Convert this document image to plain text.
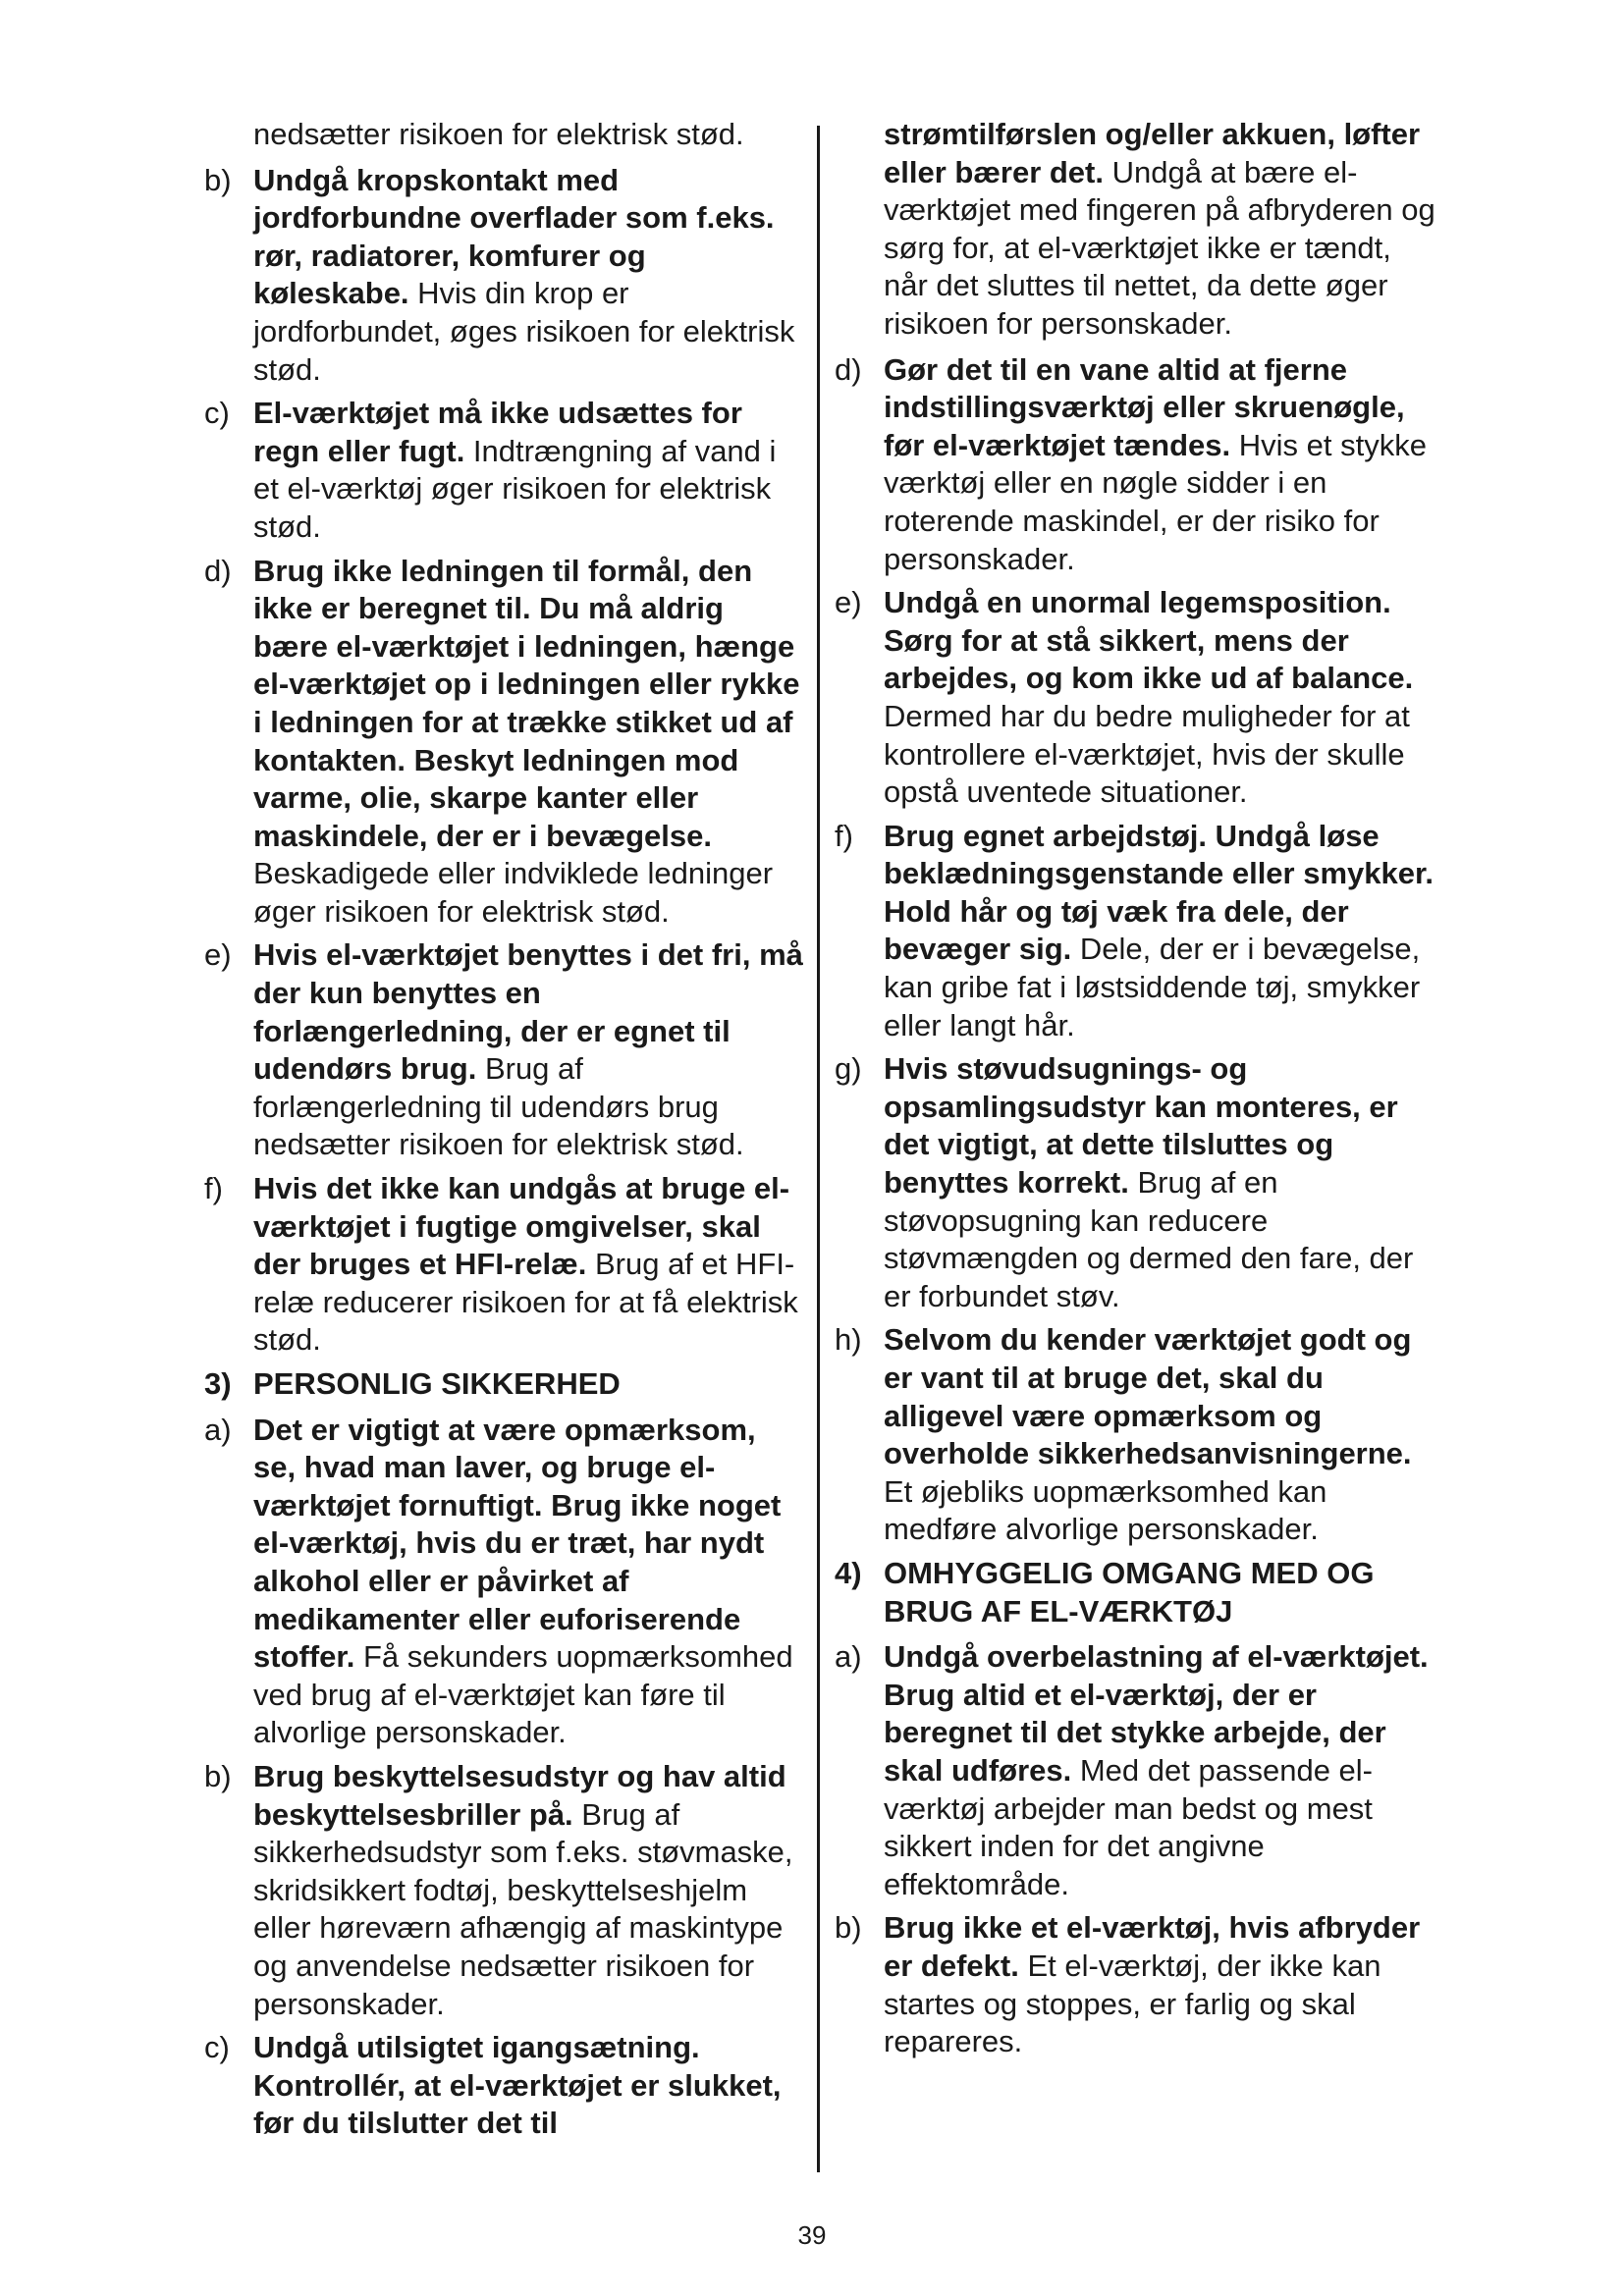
nedsætter risikoen for elektrisk stød.
b) Undgå kropskontakt med jordforbundne overflader som f.eks. rør, radiatorer, komfurer og køleskabe. Hvis din krop er jordforbundet, øges risikoen for elektrisk stød.
c) El-værktøjet må ikke udsættes for regn eller fugt. Indtrængning af vand i et el-værktøj øger risikoen for elektrisk stød.
d) Brug ikke ledningen til formål, den ikke er beregnet til. Du må aldrig bære el-værktøjet i ledningen, hænge el-værktøjet op i ledningen eller rykke i ledningen for at trække stikket ud af kontakten. Beskyt ledningen mod varme, olie, skarpe kanter eller maskindele, der er i bevægelse. Beskadigede eller indviklede ledninger øger risikoen for elektrisk stød.
e) Hvis el-værktøjet benyttes i det fri, må der kun benyttes en forlængerledning, der er egnet til udendørs brug. Brug af forlængerledning til udendørs brug nedsætter risikoen for elektrisk stød.
f) Hvis det ikke kan undgås at bruge el-værktøjet i fugtige omgivelser, skal der bruges et HFI-relæ. Brug af et HFI-relæ reducerer risikoen for at få elektrisk stød.
3) PERSONLIG SIKKERHED
a) Det er vigtigt at være opmærksom, se, hvad man laver, og bruge el-værktøjet fornuftigt. Brug ikke noget el-værktøj, hvis du er træt, har nydt alkohol eller er påvirket af medikamenter eller euforiserende stoffer. Få sekunders uopmærksomhed ved brug af el-værktøjet kan føre til alvorlige personskader.
b) Brug beskyttelsesudstyr og hav altid beskyttelsesbriller på. Brug af sikkerhedsudstyr som f.eks. støvmaske, skridsikkert fodtøj, beskyttelseshjelm eller høreværn afhængig af maskintype og anvendelse nedsætter risikoen for personskader.
c) Undgå utilsigtet igangsætning. Kontrollér, at el-værktøjet er slukket, før du tilslutter det til
strømtilførslen og/eller akkuen, løfter eller bærer det. Undgå at bære el-værktøjet med fingeren på afbryderen og sørg for, at el-værktøjet ikke er tændt, når det sluttes til nettet, da dette øger risikoen for personskader.
d) Gør det til en vane altid at fjerne indstillingsværktøj eller skruenøgle, før el-værktøjet tændes. Hvis et stykke værktøj eller en nøgle sidder i en roterende maskindel, er der risiko for personskader.
e) Undgå en unormal legemsposition. Sørg for at stå sikkert, mens der arbejdes, og kom ikke ud af balance. Dermed har du bedre muligheder for at kontrollere el-værktøjet, hvis der skulle opstå uventede situationer.
f) Brug egnet arbejdstøj. Undgå løse beklædningsgenstande eller smykker. Hold hår og tøj væk fra dele, der bevæger sig. Dele, der er i bevægelse, kan gribe fat i løstsiddende tøj, smykker eller langt hår.
g) Hvis støvudsugnings- og opsamlingsudstyr kan monteres, er det vigtigt, at dette tilsluttes og benyttes korrekt. Brug af en støvopsugning kan reducere støvmængden og dermed den fare, der er forbundet støv.
h) Selvom du kender værktøjet godt og er vant til at bruge det, skal du alligevel være opmærksom og overholde sikkerhedsanvisningerne. Et øjebliks uopmærksomhed kan medføre alvorlige personskader.
4) OMHYGGELIG OMGANG MED OG BRUG AF EL-VÆRKTØJ
a) Undgå overbelastning af el-værktøjet. Brug altid et el-værktøj, der er beregnet til det stykke arbejde, der skal udføres. Med det passende el-værktøj arbejder man bedst og mest sikkert inden for det angivne effektområde.
b) Brug ikke et el-værktøj, hvis afbryder er defekt. Et el-værktøj, der ikke kan startes og stoppes, er farlig og skal repareres.
39
